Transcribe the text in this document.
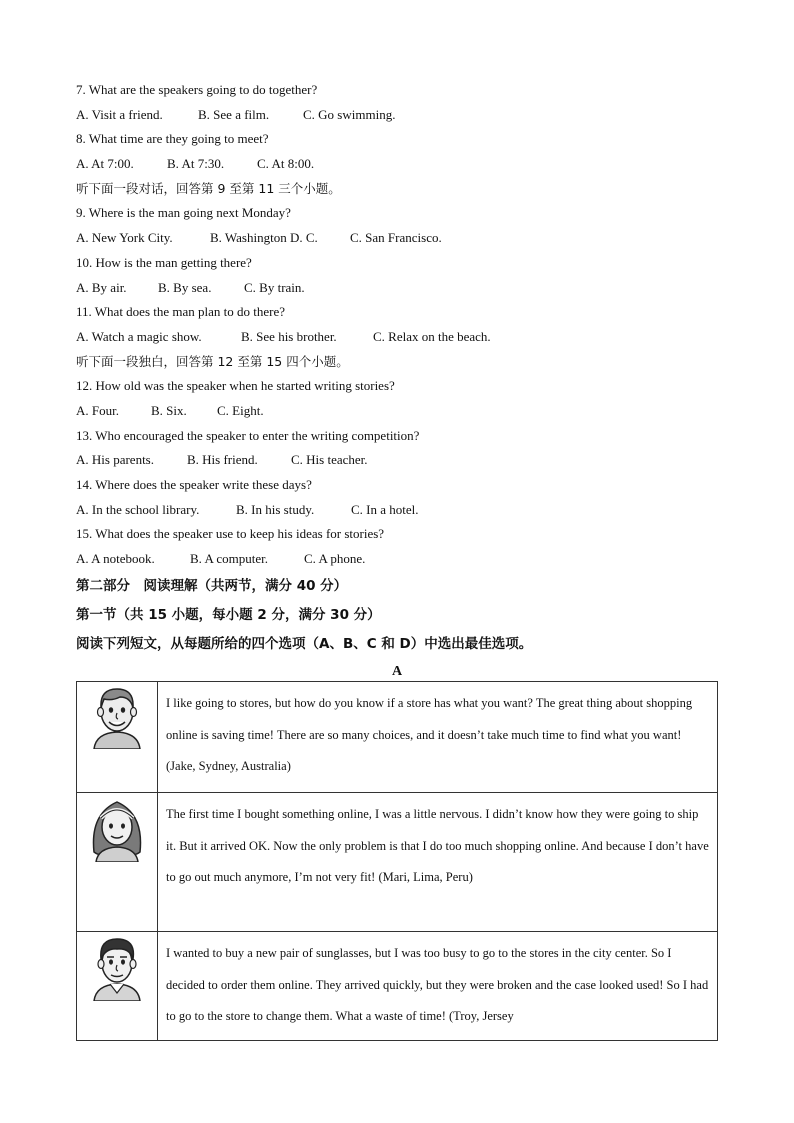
7. What are the speakers going to do together?
A. Visit a friend.	B. See a film.	C. Go swimming.
8. What time are they going to meet?
A. At 7:00.	B. At 7:30.	C. At 8:00.
听下面一段对话，回答第 9 至第 11 三个小题。
9. Where is the man going next Monday?
A. New York City.	B. Washington D. C. C. San Francisco.
10. How is the man getting there?
A. By air. B. By sea.	C. By train.
11. What does the man plan to do there?
A. Watch a magic show.	B. See his brother.	C. Relax on the beach.
听下面一段独白，回答第 12 至第 15 四个小题。
12. How old was the speaker when he started writing stories?
A. Four. B. Six. C. Eight.
13. Who encouraged the speaker to enter the writing competition?
A. His parents.	B. His friend.	C. His teacher.
14. Where does the speaker write these days?
A. In the school library.	B. In his study.	C. In a hotel.
15. What does the speaker use to keep his ideas for stories?
A. A notebook.	B. A computer.	C. A phone.
第二部分　阅读理解（共两节，满分 40 分）
第一节（共 15 小题，每小题 2 分，满分 30 分）
阅读下列短文，从每题所给的四个选项（A、B、C 和 D）中选出最佳选项。
A
	I like going to stores, but how do you know if a store has what you want? The great thing about shopping online is saving time! There are so many choices, and it doesn’t take much time to find what you want! (Jake, Sydney, Australia)

	The first time I bought something online, I was a little nervous. I didn’t know how they were going to ship it. But it arrived OK. Now the only problem is that I do too much shopping online. And because I don’t have to go out much anymore, I’m not very fit! (Mari, Lima, Peru)

	I wanted to buy a new pair of sunglasses, but I was too busy to go to the stores in the city center. So I decided to order them online. They arrived quickly, but they were broken and the case looked used! So I had to go to the store to change them. What a waste of time! (Troy, Jersey
